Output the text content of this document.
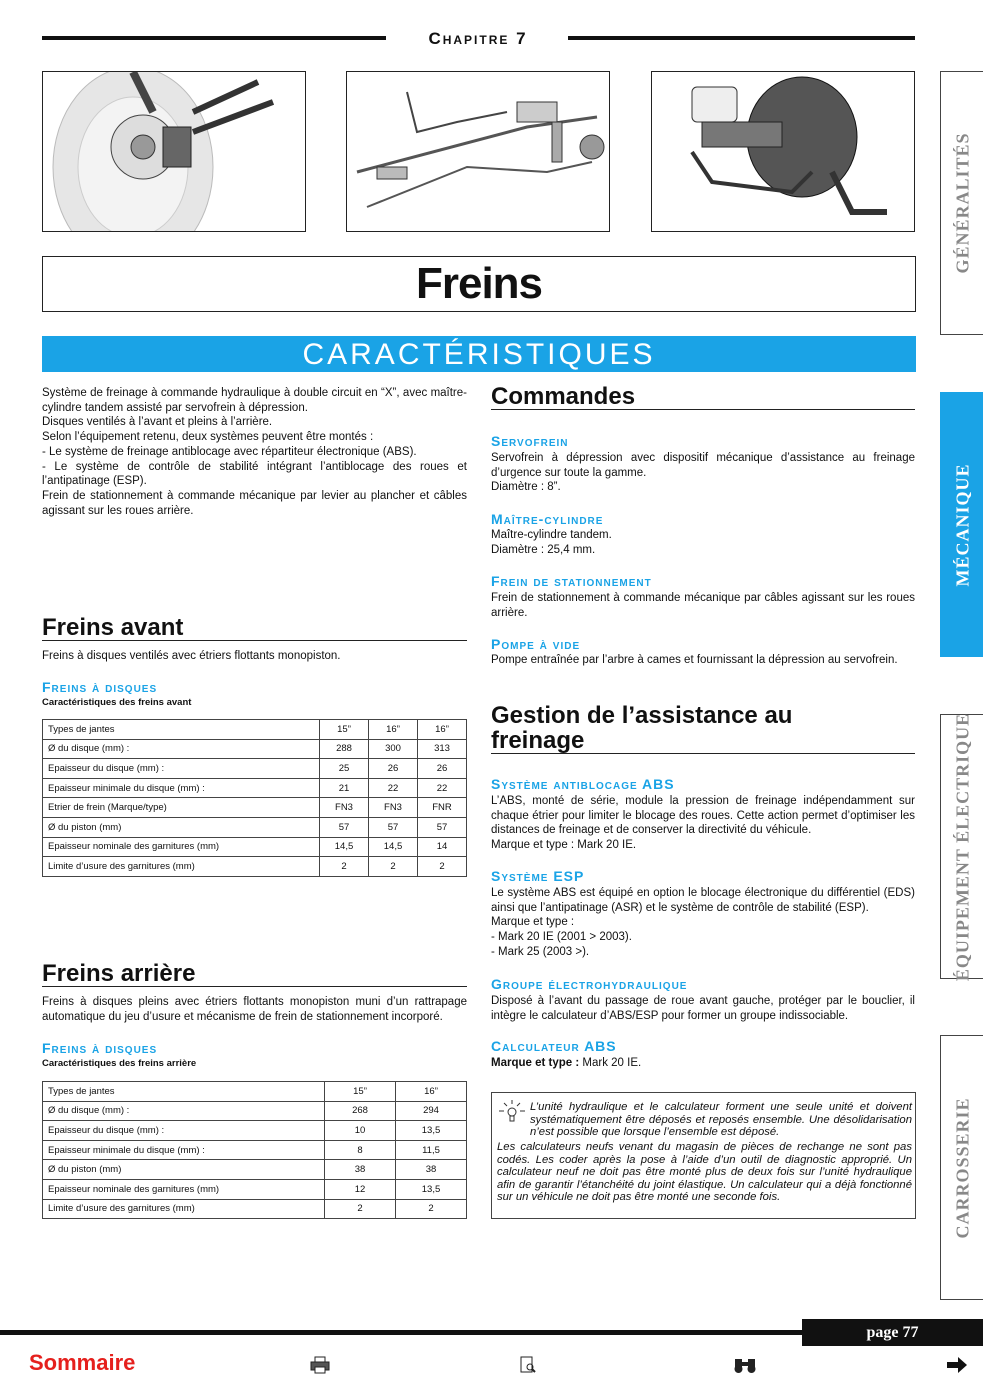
Chapitre 7
Freins
CARACTÉRISTIQUES
GÉNÉRALITÉS
MÉCANIQUE
ÉQUIPEMENT ÉLECTRIQUE
CARROSSERIE
Système de freinage à commande hydraulique à double circuit en “X”, avec maître-cylindre tandem assisté par servofrein à dépression.
Disques ventilés à l’avant et pleins à l’arrière.
Selon l’équipement retenu, deux systèmes peuvent être montés :
- Le système de freinage antiblocage avec répartiteur électronique (ABS).
- Le système de contrôle de stabilité intégrant l’antiblocage des roues et l’antipatinage (ESP).
Frein de stationnement à commande mécanique par levier au plancher et câbles agissant sur les roues arrière.
Freins avant
Freins à disques ventilés avec étriers flottants monopiston.
Freins à disques
Caractéristiques des freins avant
Types de jantes	15”	16”	16”
Ø du disque (mm) :	288	300	313
Epaisseur du disque (mm) :	25	26	26
Epaisseur minimale du disque (mm) :	21	22	22
Etrier de frein (Marque/type)	FN3	FN3	FNR
Ø du piston (mm)	57	57	57
Epaisseur nominale des garnitures (mm)	14,5	14,5	14
Limite d’usure des garnitures (mm)	2	2	2
Freins arrière
Freins à disques pleins avec étriers flottants monopiston muni d’un rattrapage automatique du jeu d’usure et mécanisme de frein de stationnement incorporé.
Freins à disques
Caractéristiques des freins arrière
Types de jantes	15”	16”
Ø du disque (mm) :	268	294
Epaisseur du disque (mm) :	10	13,5
Epaisseur minimale du disque (mm) :	8	11,5
Ø du piston (mm)	38	38
Epaisseur nominale des garnitures (mm)	12	13,5
Limite d’usure des garnitures (mm)	2	2
Commandes
Servofrein
Servofrein à dépression avec dispositif mécanique d’assistance au freinage d’urgence sur toute la gamme.
Diamètre : 8”.
Maître-cylindre
Maître-cylindre tandem.
Diamètre : 25,4 mm.
Frein de stationnement
Frein de stationnement à commande mécanique par câbles agissant sur les roues arrière.
Pompe à vide
Pompe entraînée par l’arbre à cames et fournissant la dépression au servofrein.
Gestion de l’assistance au
freinage
Système antiblocage ABS
L’ABS, monté de série, module la pression de freinage indépendamment sur chaque étrier pour limiter le blocage des roues. Cette action permet d’optimiser les distances de freinage et de conserver la directivité du véhicule.
Marque et type : Mark 20 IE.
Système ESP
Le système ABS est équipé en option le blocage électronique du différentiel (EDS) ainsi que l’antipatinage (ASR) et le système de contrôle de stabilité (ESP).
Marque et type :
- Mark 20 IE (2001 > 2003).
- Mark 25 (2003 >).
Groupe électrohydraulique
Disposé à l’avant du passage de roue avant gauche, protéger par le bouclier, il intègre le calculateur d’ABS/ESP pour former un groupe indissociable.
Calculateur ABS
Marque et type : Mark 20 IE.
L’unité hydraulique et le calculateur forment une seule unité et doivent systématiquement être déposés et reposés ensemble. Une désolidarisation n’est possible que lorsque l’ensemble est déposé.
Les calculateurs neufs venant du magasin de pièces de rechange ne sont pas codés. Les coder après la pose à l’aide d’un outil de diagnostic approprié. Un calculateur neuf ne doit pas être monté plus de deux fois sur l’unité hydraulique afin de garantir l’étanchéité du joint élastique. Un calculateur qui a déjà fonctionné sur un véhicule ne doit pas être monté une seconde fois.
page 77
Sommaire
